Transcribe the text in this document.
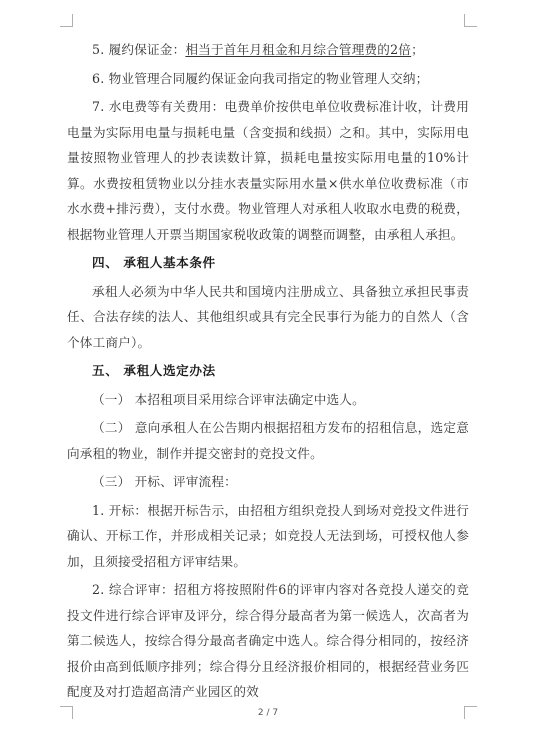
5. 履约保证金：相当于首年月租金和月综合管理费的2倍；

6. 物业管理合同履约保证金向我司指定的物业管理人交纳；

7. 水电费等有关费用：电费单价按供电单位收费标准计收，计费用电量为实际用电量与损耗电量（含变损和线损）之和。其中，实际用电量按照物业管理人的抄表读数计算，损耗电量按实际用电量的10%计算。水费按租赁物业以分挂水表量实际用水量×供水单位收费标准（市水水费+排污费），支付水费。物业管理人对承租人收取水电费的税费，根据物业管理人开票当期国家税收政策的调整而调整，由承租人承担。

四、 承租人基本条件

承租人必须为中华人民共和国境内注册成立、具备独立承担民事责任、合法存续的法人、其他组织或具有完全民事行为能力的自然人（含个体工商户）。

五、 承租人选定办法

（一） 本招租项目采用综合评审法确定中选人。

（二） 意向承租人在公告期内根据招租方发布的招租信息，选定意向承租的物业，制作并提交密封的竞投文件。

（三） 开标、评审流程：

1. 开标：根据开标告示，由招租方组织竞投人到场对竞投文件进行确认、开标工作，并形成相关记录；如竞投人无法到场，可授权他人参加，且须接受招租方评审结果。

2. 综合评审：招租方将按照附件6的评审内容对各竞投人递交的竞投文件进行综合评审及评分，综合得分最高者为第一候选人，次高者为第二候选人，按综合得分最高者确定中选人。综合得分相同的，按经济报价由高到低顺序排列；综合得分且经济报价相同的，根据经营业务匹配度及对打造超高清产业园区的效

2 / 7
